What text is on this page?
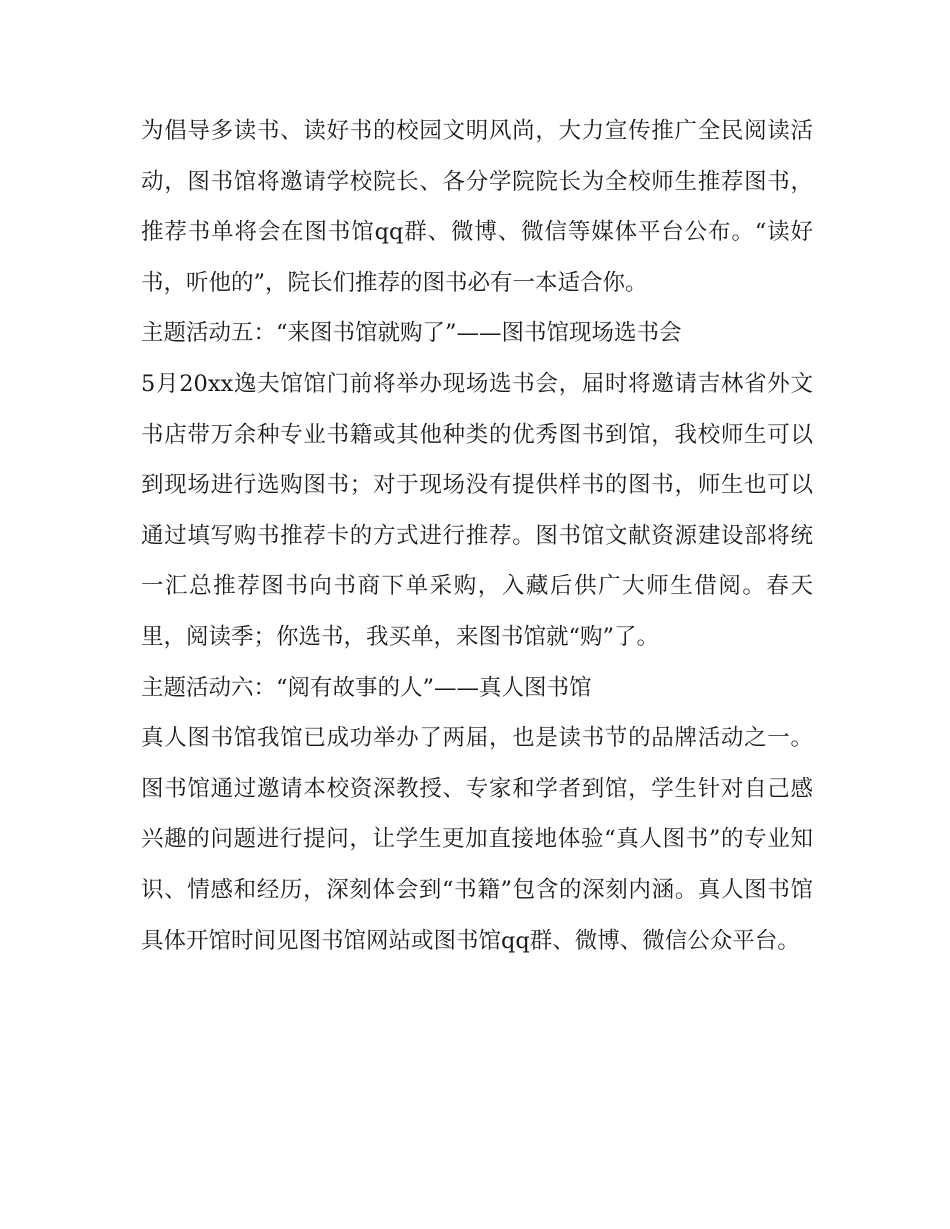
为倡导多读书、读好书的校园文明风尚，大力宣传推广全民阅读活动，图书馆将邀请学校院长、各分学院院长为全校师生推荐图书，推荐书单将会在图书馆qq群、微博、微信等媒体平台公布。“读好书，听他的”，院长们推荐的图书必有一本适合你。

主题活动五：“来图书馆就购了”——图书馆现场选书会

5月20xx逸夫馆馆门前将举办现场选书会，届时将邀请吉林省外文书店带万余种专业书籍或其他种类的优秀图书到馆，我校师生可以到现场进行选购图书；对于现场没有提供样书的图书，师生也可以通过填写购书推荐卡的方式进行推荐。图书馆文献资源建设部将统一汇总推荐图书向书商下单采购，入藏后供广大师生借阅。春天里，阅读季；你选书，我买单，来图书馆就“购”了。

主题活动六：“阅有故事的人”——真人图书馆

真人图书馆我馆已成功举办了两届，也是读书节的品牌活动之一。图书馆通过邀请本校资深教授、专家和学者到馆，学生针对自己感兴趣的问题进行提问，让学生更加直接地体验“真人图书”的专业知识、情感和经历，深刻体会到“书籍”包含的深刻内涵。真人图书馆具体开馆时间见图书馆网站或图书馆qq群、微博、微信公众平台。
